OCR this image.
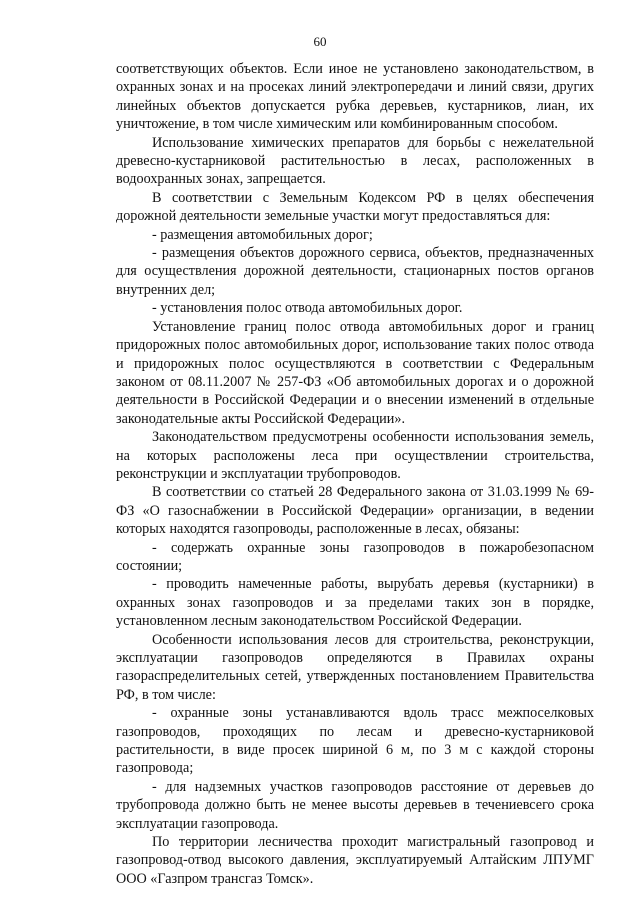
60

соответствующих объектов. Если иное не установлено законодательством, в охранных зонах и на просеках линий электропередачи и линий связи, других линейных объектов допускается рубка деревьев, кустарников, лиан, их уничтожение, в том числе химическим или комбинированным способом.

Использование химических препаратов для борьбы с нежелательной древесно-кустарниковой растительностью в лесах, расположенных в водоохранных зонах, запрещается.

В соответствии с Земельным Кодексом РФ в целях обеспечения дорожной деятельности земельные участки могут предоставляться для:

- размещения автомобильных дорог;

- размещения объектов дорожного сервиса, объектов, предназначенных для осуществления дорожной деятельности, стационарных постов органов внутренних дел;

- установления полос отвода автомобильных дорог.

Установление границ полос отвода автомобильных дорог и границ придорожных полос автомобильных дорог, использование таких полос отвода и придорожных полос осуществляются в соответствии с Федеральным законом от 08.11.2007 № 257-ФЗ «Об автомобильных дорогах и о дорожной деятельности в Российской Федерации и о внесении изменений в отдельные законодательные акты Российской Федерации».

Законодательством предусмотрены особенности использования земель, на которых расположены леса при осуществлении строительства, реконструкции и эксплуатации трубопроводов.

В соответствии со статьей 28 Федерального закона от 31.03.1999 № 69-ФЗ «О газоснабжении в Российской Федерации» организации, в ведении которых находятся газопроводы, расположенные в лесах, обязаны:

- содержать охранные зоны газопроводов в пожаробезопасном состоянии;

- проводить намеченные работы, вырубать деревья (кустарники) в охранных зонах газопроводов и за пределами таких зон в порядке, установленном лесным законодательством Российской Федерации.

Особенности использования лесов для строительства, реконструкции, эксплуатации газопроводов определяются в Правилах охраны газораспределительных сетей, утвержденных постановлением Правительства РФ, в том числе:

- охранные зоны устанавливаются вдоль трасс межпоселковых газопроводов, проходящих по лесам и древесно-кустарниковой растительности, в виде просек шириной 6 м, по 3 м с каждой стороны газопровода;

- для надземных участков газопроводов расстояние от деревьев до трубопровода должно быть не менее высоты деревьев в течениевсего срока эксплуатации газопровода.

По территории лесничества проходит магистральный газопровод и газопровод-отвод высокого давления, эксплуатируемый Алтайским ЛПУМГ ООО «Газпром трансгаз Томск».
